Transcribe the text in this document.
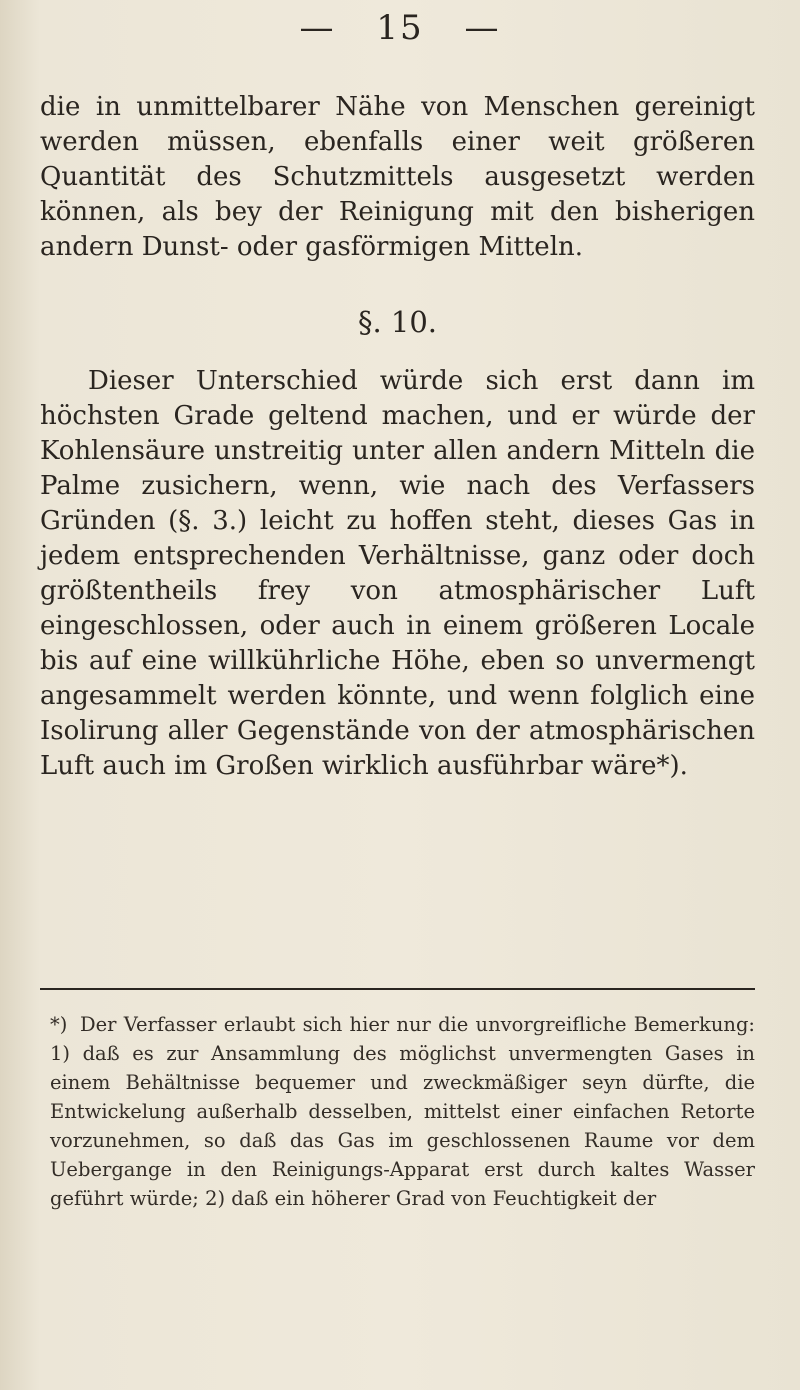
— 15 —

die in unmittelbarer Nähe von Menschen gereinigt werden müssen, ebenfalls einer weit größeren Quantität des Schutzmittels ausgesetzt werden können, als bey der Reinigung mit den bisherigen andern Dunst- oder gasförmigen Mitteln.

§. 10.

Dieser Unterschied würde sich erst dann im höchsten Grade geltend machen, und er würde der Kohlensäure unstreitig unter allen andern Mitteln die Palme zusichern, wenn, wie nach des Verfassers Gründen (§. 3.) leicht zu hoffen steht, dieses Gas in jedem entsprechenden Verhältnisse, ganz oder doch größtentheils frey von atmosphärischer Luft eingeschlossen, oder auch in einem größeren Locale bis auf eine willkührliche Höhe, eben so unvermengt angesammelt werden könnte, und wenn folglich eine Isolirung aller Gegenstände von der atmosphärischen Luft auch im Großen wirklich ausführbar wäre*).

*) Der Verfasser erlaubt sich hier nur die unvorgreifliche Bemerkung: 1) daß es zur Ansammlung des möglichst unvermengten Gases in einem Behältnisse bequemer und zweckmäßiger seyn dürfte, die Entwickelung außerhalb desselben, mittelst einer einfachen Retorte vorzunehmen, so daß das Gas im geschlossenen Raume vor dem Uebergange in den Reinigungs-Apparat erst durch kaltes Wasser geführt würde; 2) daß ein höherer Grad von Feuchtigkeit der
